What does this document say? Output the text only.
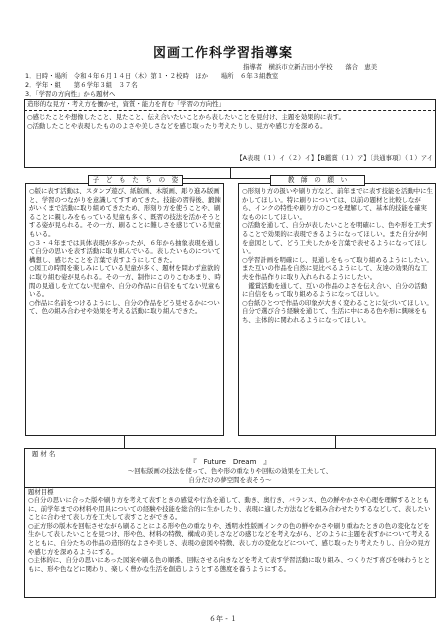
図画工作科学習指導案
指導者　横浜市立新吉田小学校　　落合　恵美
1．日時・場所　令和４年６月１４日（木）第１・２校時　ほか　　場所　６年３組教室
2．学年・組　　第６学年３組　３７名
3．「学習の方向性」から題材へ
造形的な見方・考え方を働かせ，資質・能力を育む「学習の方向性」
○感じたことや想像したこと、見たこと、伝え合いたいことから表したいことを見付け、主題を効果的に表す。
○活動したことや表現したもののよさや美しさなどを感じ取ったり考えたりし、見方や感じ方を深める。
【A表現（１）イ（２）イ】【B鑑賞（１）ア】〔共通事項〕（１）アイ
子　ど　も　た　ち　の　姿
○版に表す活動は、スタンプ遊び、紙版画、木版画、彫り進み版画と、学習のつながりを意識してすすめてきた。技能の習得後、鍛錬がいくまで活動に取り組めてきたため、形刻り方を使うことや、刷ることに親しみをもっている児童も多く、既習の技法を活かそうとする姿が見られる。その一方、刷ることに難しさを感じている児童もいる。
○３・４年までは具体表現が多かったが、６年から抽象表現を通して自分の思いを表す活動に取り組んでいる。表したいものについて構想し、感じたことを言葉で表すようにしてきた。
○図工の時間を楽しみにしている児童が多く、題材を問わず意欲的に取り組む姿が見られる。その一方、制作にこのりこむあまり、時間の見通しを立てない児童や、自分の作品に自信をもてない児童もいる。
○作品に名前をつけるようにし、自分の作品をどう見せるかについて、色の組み合わせや効果を考える活動に取り組んできた。
教　師　の　願　い
○形刻り方の扱いや刷り方など、前年までに表す技能を活動中に生かしてほしい。特に刷りについては、以前の題材と比較しながら、インクの特性や刷り方のこつを理解して、基本的技能を確実なものにしてほしい。
○活動を通して、自分が表したいことを明確にし、色や形を工夫することで効果的に表現できるようになってほしい。また自分が何を意図として、どう工夫したかを言葉で表せるようになってほしい。
○学習計画を明確にし、見通しをもって取り組めるようにしたい。また互いの作品を自然に見比べるようにして、友達の効果的な工夫を作品作りに取り入れられるようにしたい。
　鑑賞活動を通して、互いの作品のよさを伝え合い、自分の活動に自信をもって取り組めるようになってほしい。
○台紙ひとつで作品の印象が大きく変わることに気づいてほしい。自分で選び合う経験を通じて、生活に中にある色や形に興味をもち、主体的に関われるようになってほしい。
題 材 名
『　Future　Dream　』
～回転版画の技法を使って、色や形の重なりや回転の効果を工夫して、
自分だけの夢空間を表そう～
題材目標
○自分の思いに合った版や刷り方を考えて表すときの感覚や行為を通して、動き、奥行き、バランス、色の鮮やかさや心理を理解するとともに、前学年までの材料や用具についての経験や技能を総合的に生かしたり、表現に適した方法などを組み合わせたりするなどして、表したいことに合わせて表し方を工夫して表すことができる。
○正方形の版木を回転させながら刷ることによる形や色の重なりや、透明水性版画インクの色の鮮やかさや刷り重ねたときの色の変化などを生かして表したいことを見つけ、形や色、材料の特徴、構成の美しさなどの感じなどを考えながら、どのように主題を表すかについて考えるとともに、自分たちの作品の造形的なよさや美しさ、表現の意図や特徴、表し方の変化などについて、感じ取ったり考えたりし、自分の見方や感じ方を深めるようにする。
○主体的に、自分の思いにあった図案や刷る色の順番、回転させる向きなどを考えて表す学習活動に取り組み、つくりだす喜びを味わうとともに、形や色などに関わり、楽しく豊かな生活を創造しようとする態度を養うようにする。
６年 - １
